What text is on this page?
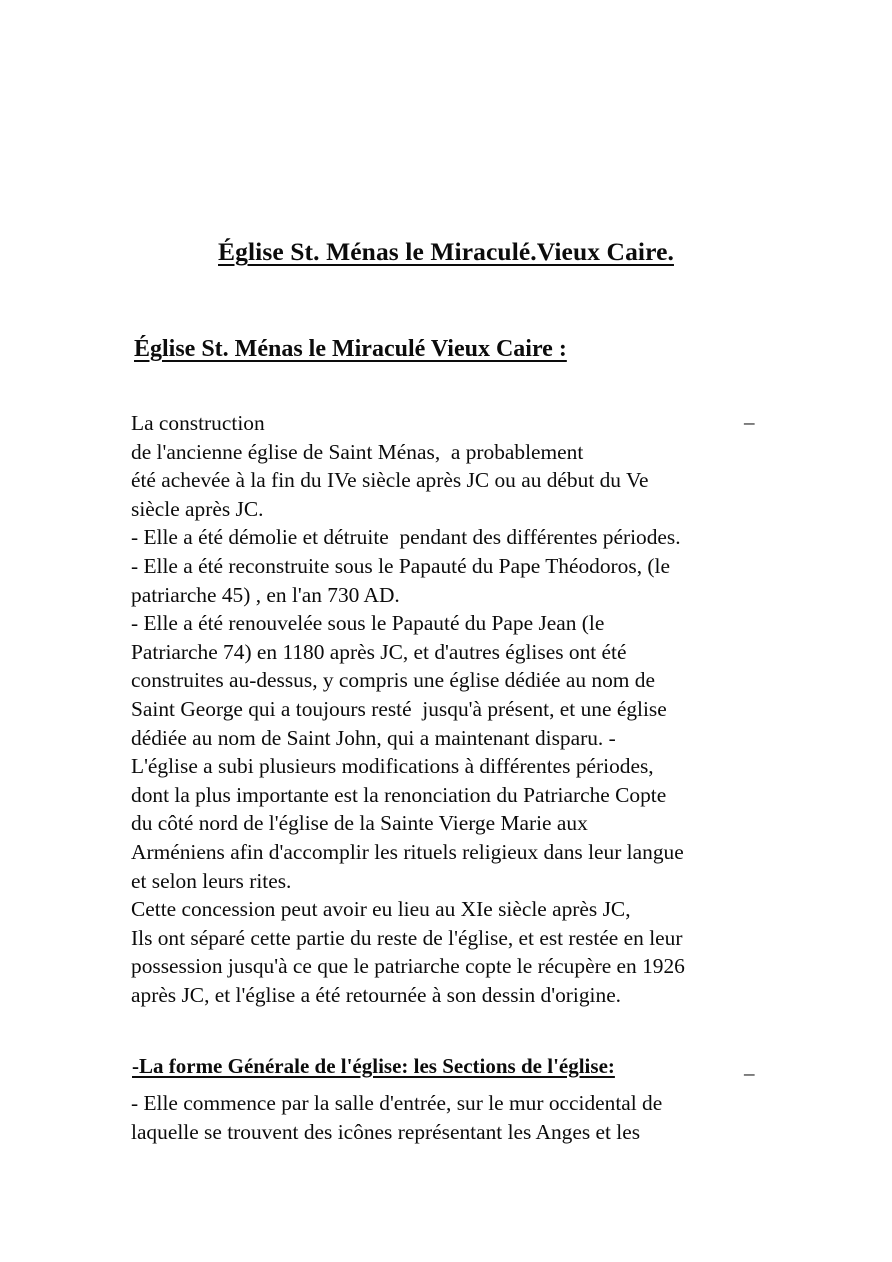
Église St. Ménas le Miraculé.Vieux Caire.
Église St. Ménas le Miraculé Vieux Caire :
La construction
de l'ancienne église de Saint Ménas,  a probablement
été achevée à la fin du IVe siècle après JC ou au début du Ve
siècle après JC.
- Elle a été démolie et détruite  pendant des différentes périodes.
- Elle a été reconstruite sous le Papauté du Pape Théodoros, (le
patriarche 45) , en l'an 730 AD.
- Elle a été renouvelée sous le Papauté du Pape Jean (le
Patriarche 74) en 1180 après JC, et d'autres églises ont été
construites au-dessus, y compris une église dédiée au nom de
Saint George qui a toujours resté  jusqu'à présent, et une église
dédiée au nom de Saint John, qui a maintenant disparu. -
L'église a subi plusieurs modifications à différentes périodes,
dont la plus importante est la renonciation du Patriarche Copte
du côté nord de l'église de la Sainte Vierge Marie aux
Arméniens afin d'accomplir les rituels religieux dans leur langue
et selon leurs rites.
Cette concession peut avoir eu lieu au XIe siècle après JC,
Ils ont séparé cette partie du reste de l'église, et est restée en leur
possession jusqu'à ce que le patriarche copte le récupère en 1926
après JC, et l'église a été retournée à son dessin d'origine.
-La forme Générale de l'église: les Sections de l'église:
- Elle commence par la salle d'entrée, sur le mur occidental de
laquelle se trouvent des icônes représentant les Anges et les
–
–
